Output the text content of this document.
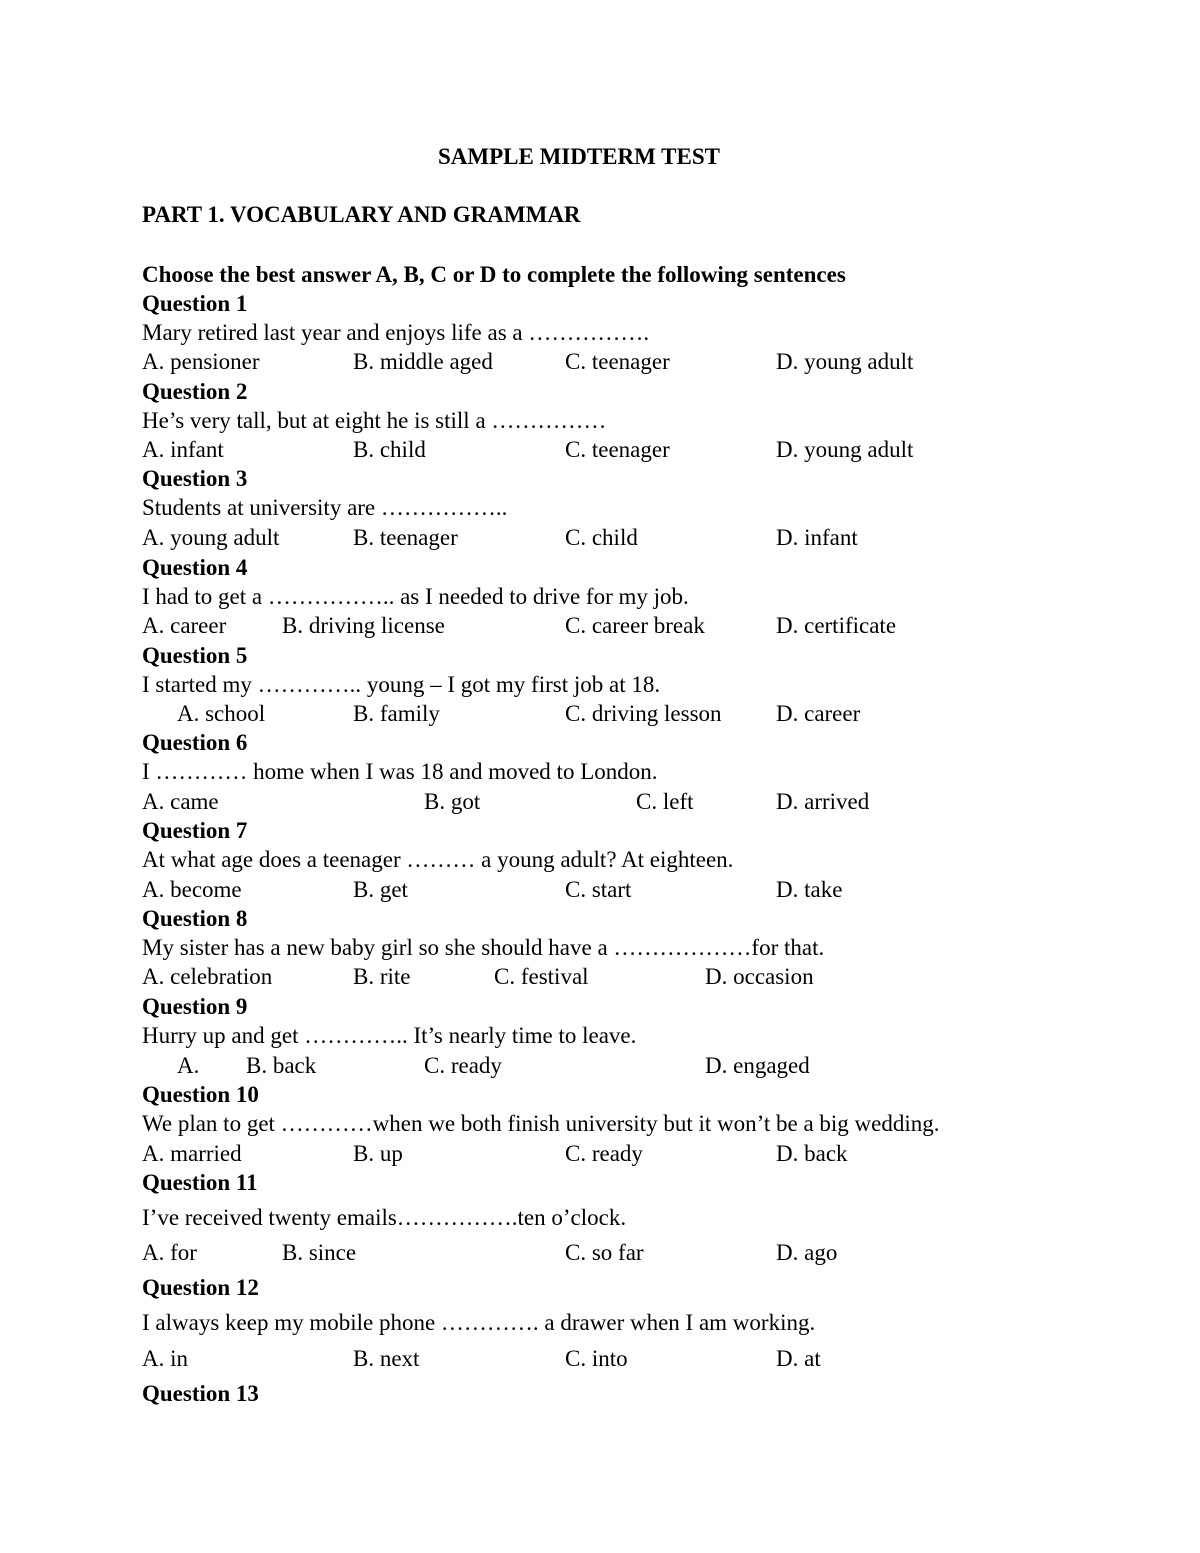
SAMPLE MIDTERM TEST
PART 1. VOCABULARY AND GRAMMAR
Choose the best answer A, B, C or D to complete the following sentences
Question 1
Mary retired last year and enjoys life as a …………….
A. pensioner	B. middle aged	C. teenager	D. young adult
Question 2
He’s very tall, but at eight he is still a ……………
A. infant	B. child	C. teenager	D. young adult
Question 3
Students at university are ……………..
A. young adult	B. teenager	C. child	D. infant
Question 4
I had to get a …………….. as I needed to drive for my job.
A. career B. driving license	C. career break	D. certificate
Question 5
I started my ………….. young – I got my first job at 18.
A. school	B. family	C. driving lesson D. career
Question 6
I ………… home when I was 18 and moved to London.
A. came	B. got	C. left	D. arrived
Question 7
At what age does a teenager ……… a young adult? At eighteen.
A. become	B. get	C. start	D. take
Question 8
My sister has a new baby girl so she should have a ………………for that.
A. celebration	B. rite	C. festival	D. occasion
Question 9
Hurry up and get ………….. It’s nearly time to leave.
A. B. back	C. ready	D. engaged
Question 10
We plan to get …………when we both finish university but it won’t be a big wedding.
A. married	B. up	C. ready	D. back
Question 11
I’ve received twenty emails…………….ten o’clock.
A. for	B. since	C. so far	D. ago
Question 12
I always keep my mobile phone …………. a drawer when I am working.
A. in	B. next	C. into	D. at
Question 13
